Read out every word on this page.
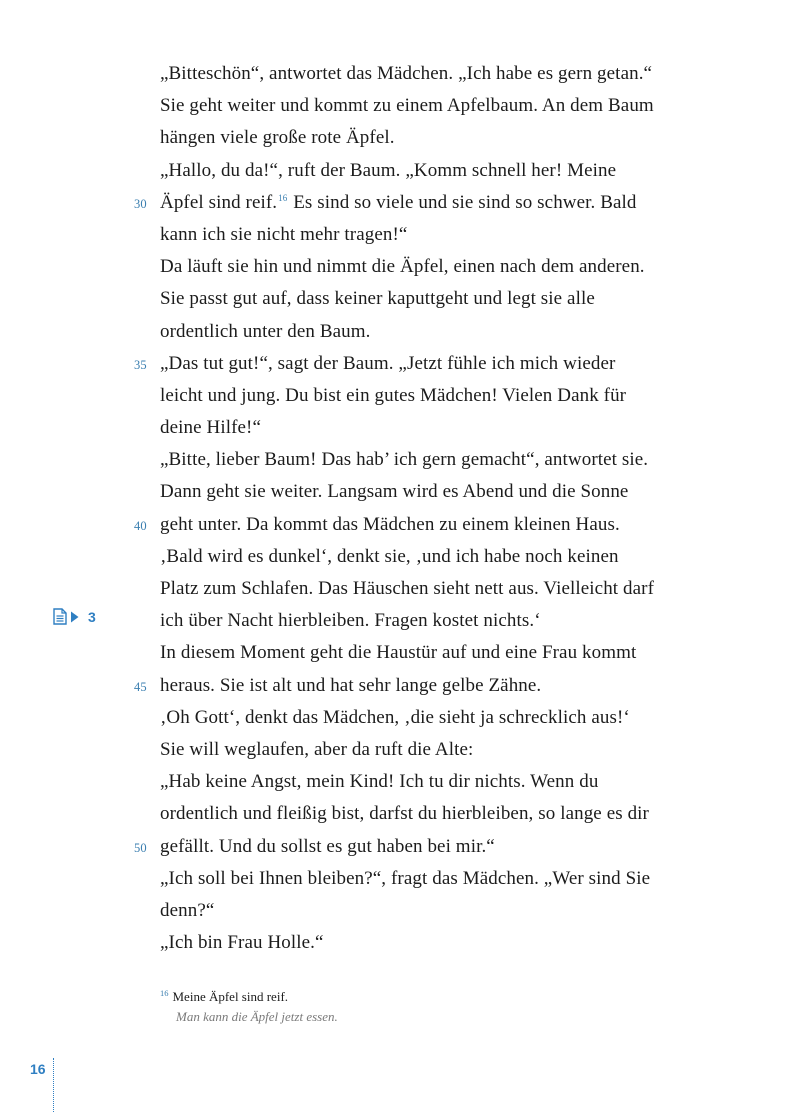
„Bitteschön“, antwortet das Mädchen. „Ich habe es gern getan.“
Sie geht weiter und kommt zu einem Apfelbaum. An dem Baum
hängen viele große rote Äpfel.
„Hallo, du da!“, ruft der Baum. „Komm schnell her! Meine
30 Äpfel sind reif.$^{16}$ Es sind so viele und sie sind so schwer. Bald
kann ich sie nicht mehr tragen!“
Da läuft sie hin und nimmt die Äpfel, einen nach dem anderen.
Sie passt gut auf, dass keiner kaputtgeht und legt sie alle
ordentlich unter den Baum.
35 „Das tut gut!“, sagt der Baum. „Jetzt fühle ich mich wieder
leicht und jung. Du bist ein gutes Mädchen! Vielen Dank für
deine Hilfe!“
„Bitte, lieber Baum! Das hab’ ich gern gemacht“, antwortet sie.
Dann geht sie weiter. Langsam wird es Abend und die Sonne
40 geht unter. Da kommt das Mädchen zu einem kleinen Haus.
‚Bald wird es dunkel‘, denkt sie, ‚und ich habe noch keinen
Platz zum Schlafen. Das Häuschen sieht nett aus. Vielleicht darf
ich über Nacht hierbleiben. Fragen kostet nichts.‘
In diesem Moment geht die Haustür auf und eine Frau kommt
45 heraus. Sie ist alt und hat sehr lange gelbe Zähne.
‚Oh Gott‘, denkt das Mädchen, ‚die sieht ja schrecklich aus!‘
Sie will weglaufen, aber da ruft die Alte:
„Hab keine Angst, mein Kind! Ich tu dir nichts. Wenn du
ordentlich und fleißig bist, darfst du hierbleiben, so lange es dir
50 gefällt. Und du sollst es gut haben bei mir.“
„Ich soll bei Ihnen bleiben?“, fragt das Mädchen. „Wer sind Sie
denn?“
„Ich bin Frau Holle.“
3
$^{16}$ Meine Äpfel sind reif.
Man kann die Äpfel jetzt essen.
16
